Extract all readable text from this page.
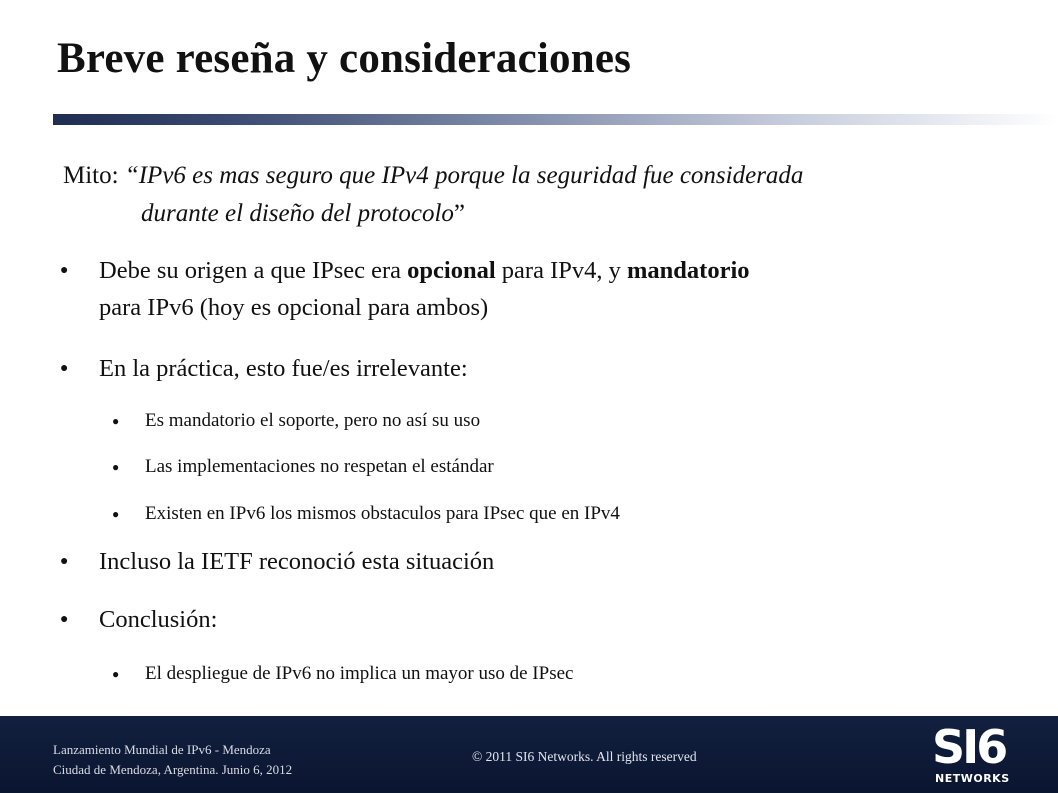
Breve reseña y consideraciones
Mito: “IPv6 es mas seguro que IPv4 porque la seguridad fue considerada
durante el diseño del protocolo”
● Debe su origen a que IPsec era opcional para IPv4, y mandatorio
para IPv6 (hoy es opcional para ambos)
● En la práctica, esto fue/es irrelevante:
● Es mandatorio el soporte, pero no así su uso
● Las implementaciones no respetan el estándar
● Existen en IPv6 los mismos obstaculos para IPsec que en IPv4
● Incluso la IETF reconoció esta situación
● Conclusión:
● El despliegue de IPv6 no implica un mayor uso de IPsec
Lanzamiento Mundial de IPv6 - Mendoza
Ciudad de Mendoza, Argentina. Junio 6, 2012
© 2011 SI6 Networks. All rights reserved	SI6
NETWORKS
